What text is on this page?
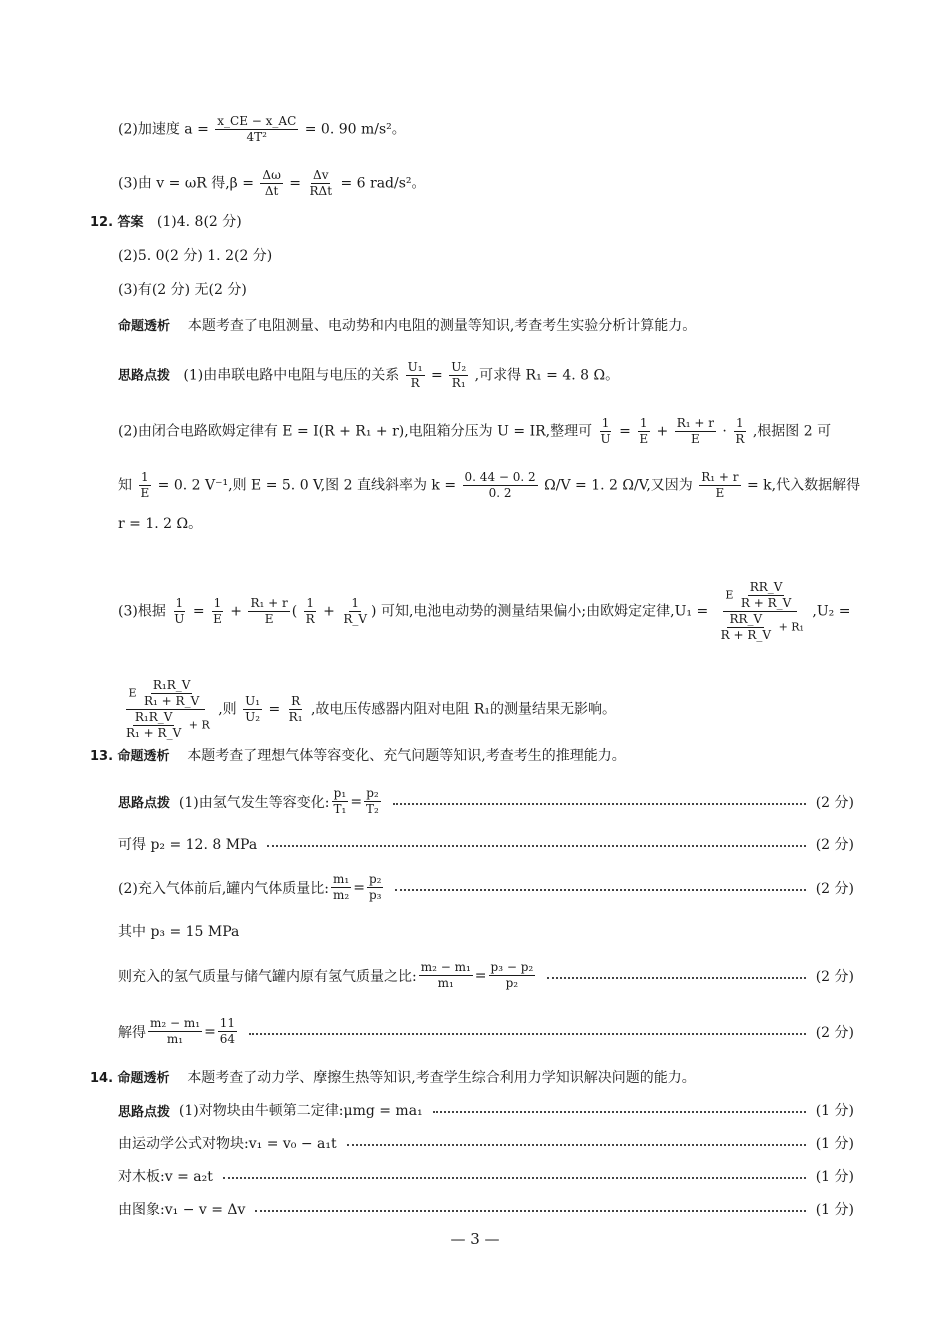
(2)加速度 $a = \frac{x\_CE - x\_AC}{\text{4T²}} = 0$. 90 m/s²。
(3)由 v = ωR 得$,\beta = \frac{\Delta\omega}{\Delta t} = \frac{\Delta v}{\text{RΔt}} = 6$ rad/s²。
12. 答案 (1)4. 8(2 分)
(2)5. 0(2 分) 1. 2(2 分)
(3)有(2 分) 无(2 分)
命题透析 本题考查了电阻测量、电动势和内电阻的测量等知识,考查考生实验分析计算能力。
思路点拨 (1)由串联电路中电阻与电压的关系 $\frac{\text{U₁}}{R} = \frac{\text{U₂}}{\text{R₁}}$ ,可求得 R₁ = 4. 8 Ω。
(2)由闭合电路欧姆定律有 E = I(R + R₁ + r),电阻箱分压为 U = IR,整理可 $\frac{1}{U} = \frac{1}{E} + \frac{\text{R₁ + r}}{E} \cdot \frac{1}{R}$ ,根据图 2 可
知 $\frac{1}{E} = 0$. 2 V⁻¹,则 E = 5. 0 V,图 2 直线斜率为 $k = \frac{0. 44 - 0. 2}{0. 2} \Omega/V = 1$. 2 Ω/V,又因为 $\frac{\text{R₁ + r}}{E} = k$,代入数据解得
r = 1. 2 Ω。
(3)根据 $\frac{1}{U} = \frac{1}{E} + \frac{\text{R₁ + r}}{E}$ ( $\frac{1}{R} + \frac{1}{R\_V}$ ) 可知,电池电动势的测量结果偏小;由欧姆定定律$,U_1 = \frac{E \frac{RR\_V}{R + R\_V}}{\frac{RR\_V}{R + R\_V} + R_1} ,U_2$ =
$\frac{E \frac{\text{R₁R\_V}}{\text{R₁ + R\_V}}}{\frac{\text{R₁R\_V}}{\text{R₁ + R\_V}} + R}$ ,则 $\frac{\text{U₁}}{\text{U₂}} = \frac{R}{\text{R₁}}$ ,故电压传感器内阻对电阻 R₁的测量结果无影响。
13. 命题透析 本题考查了理想气体等容变化、充气问题等知识,考查考生的推理能力。
思路点拨
(1)由氢气发生等容变化: $\frac{\text{p₁}}{\text{T₁}} = \frac{\text{p₂}}{\text{T₂}}$	(2 分)
可得 p₂ = 12. 8 MPa	(2 分)
(2)充入气体前后,罐内气体质量比: $\frac{\text{m₁}}{\text{m₂}} = \frac{\text{p₂}}{\text{p₃}}$	(2 分)
其中 p₃ = 15 MPa
则充入的氢气质量与储气罐内原有氢气质量之比: $\frac{\text{m₂ − m₁}}{\text{m₁}} = \frac{\text{p₃ − p₂}}{\text{p₂}}$	(2 分)
解得 $\frac{\text{m₂ − m₁}}{\text{m₁}} = \frac{11}{64}$	(2 分)
14. 命题透析 本题考查了动力学、摩擦生热等知识,考查学生综合利用力学知识解决问题的能力。
思路点拨
(1)对物块由牛顿第二定律:μmg = ma₁	(1 分)
由运动学公式对物块:v₁ = v₀ − a₁t	(1 分)
对木板:v = a₂t	(1 分)
由图象:v₁ − v = Δv	(1 分)
— 3 —
